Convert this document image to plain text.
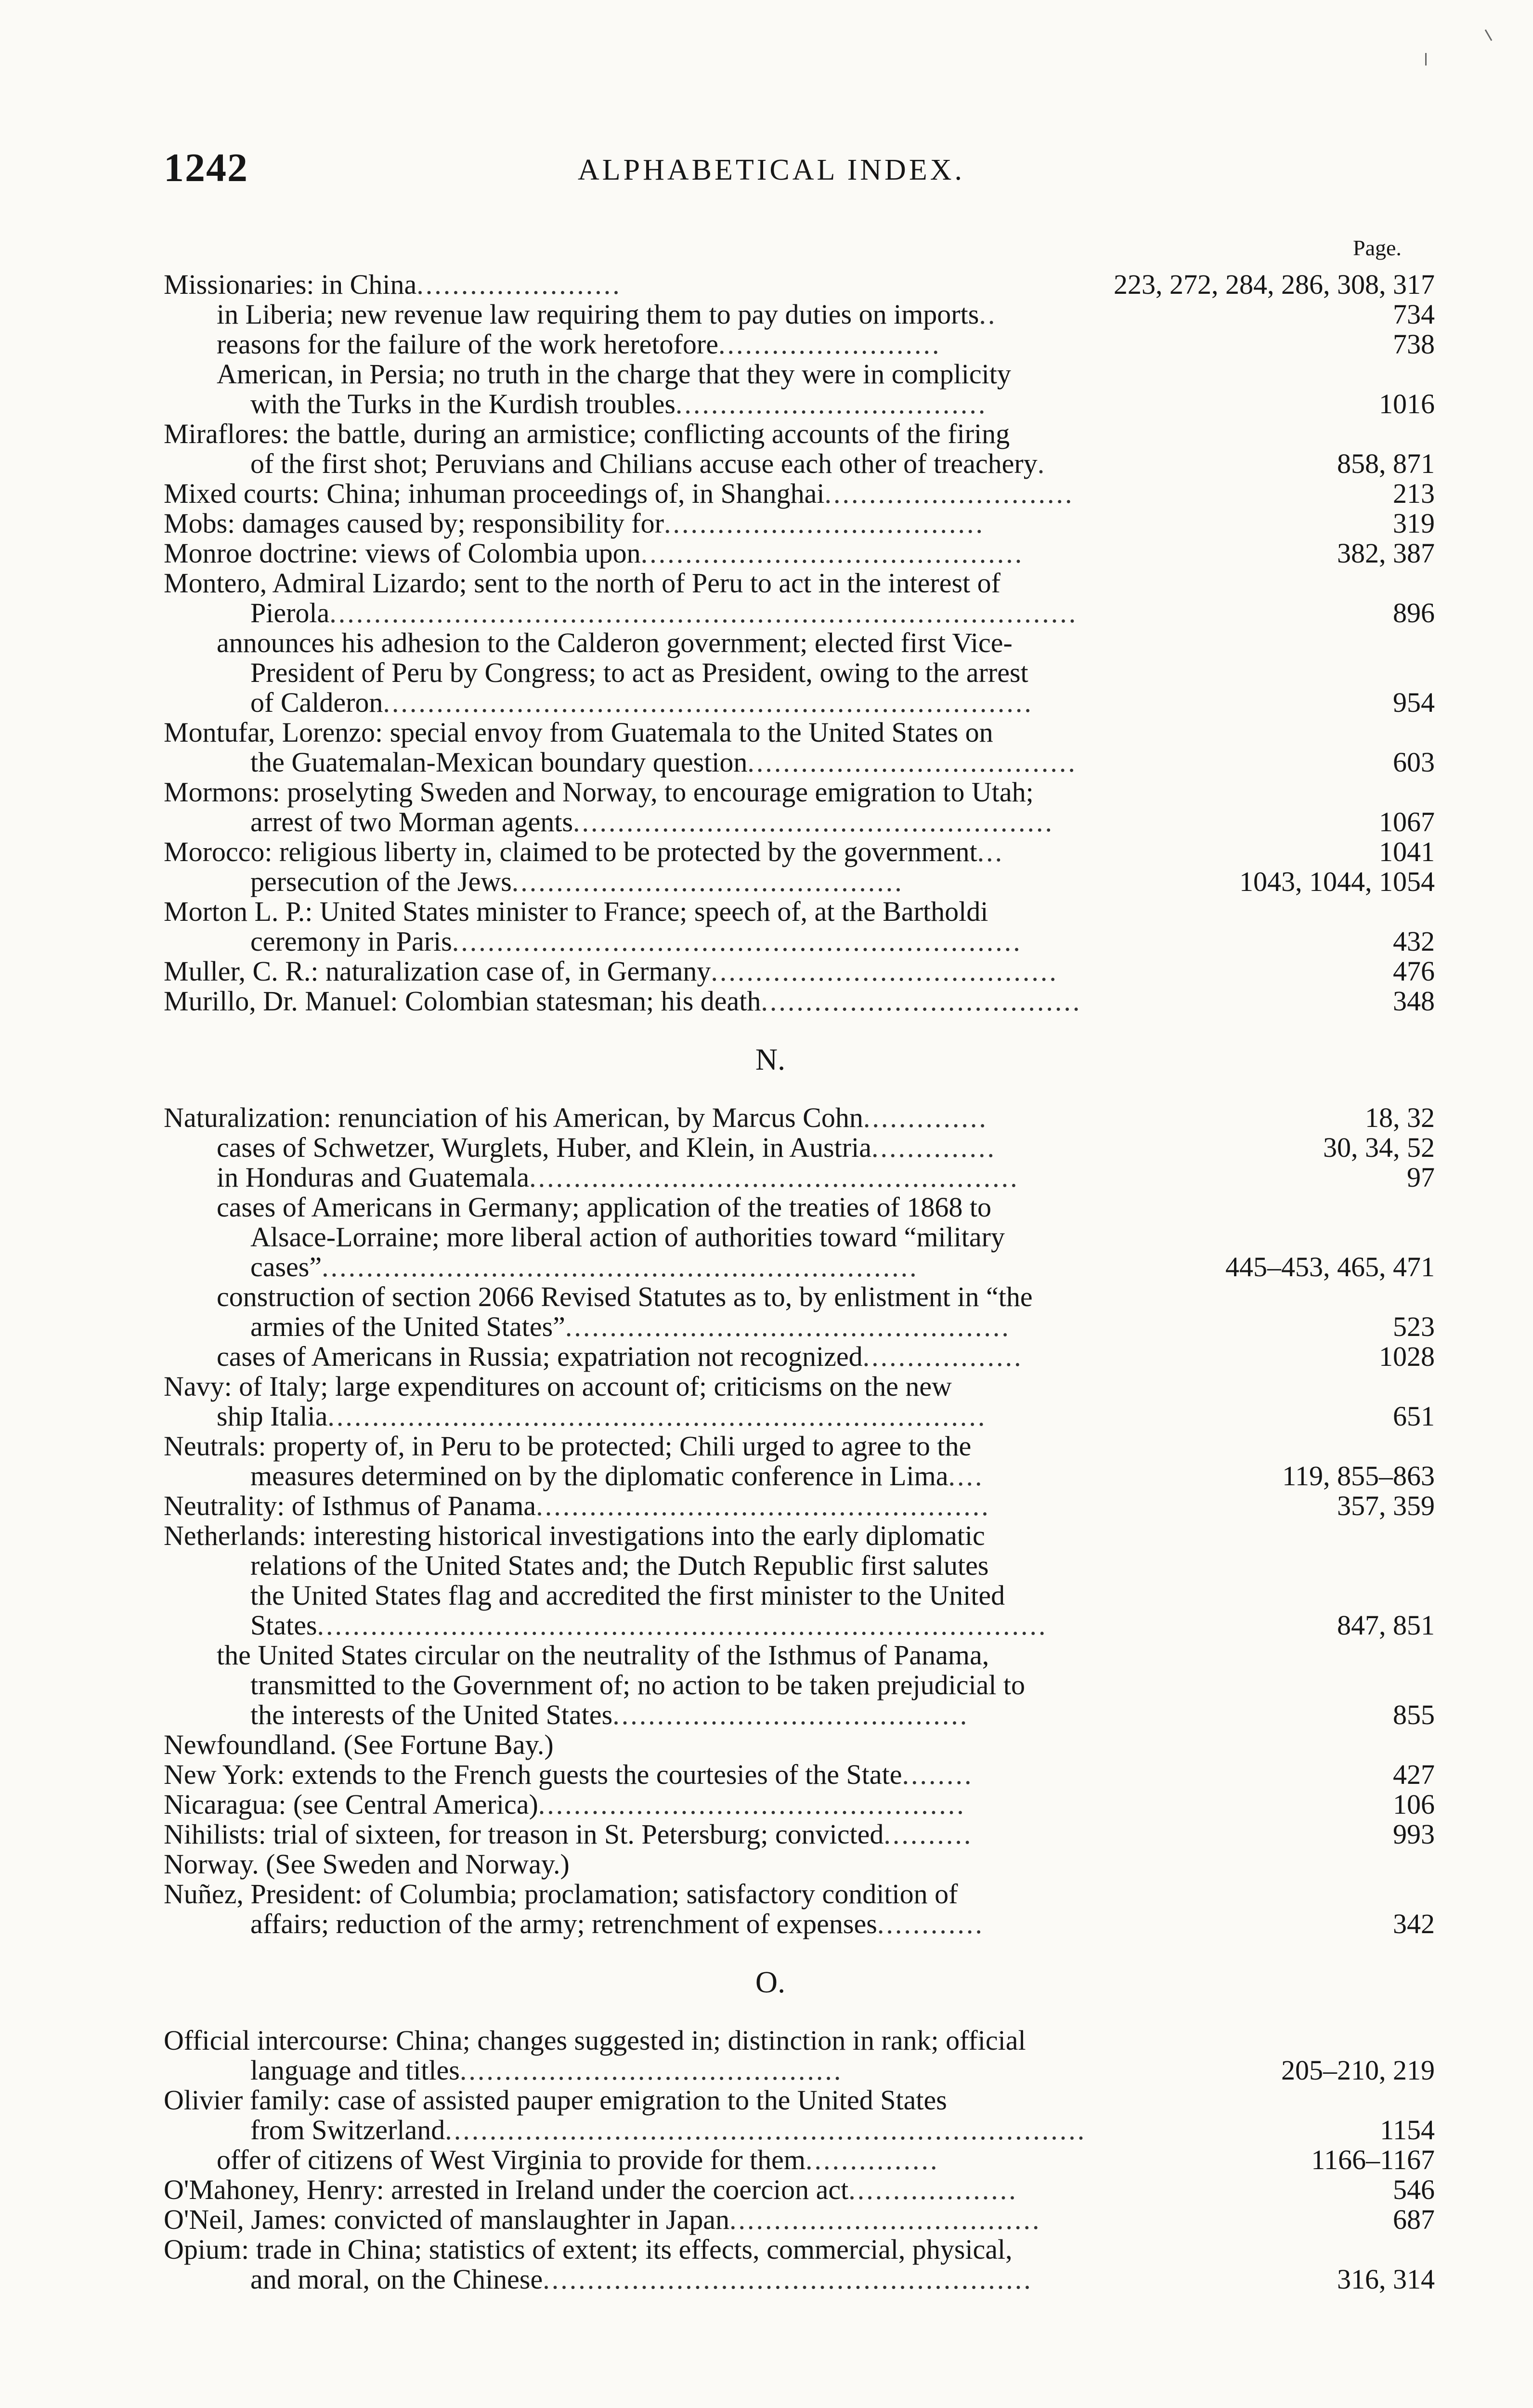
1242	ALPHABETICAL INDEX.
Page.
Missionaries: in China.......................	223, 272, 284, 286, 308, 317
in Liberia; new revenue law requiring them to pay duties on imports..	734
reasons for the failure of the work heretofore.........................	738
American, in Persia; no truth in the charge that they were in complicity
with the Turks in the Kurdish troubles...................................	1016
Miraflores: the battle, during an armistice; conflicting accounts of the firing
of the first shot; Peruvians and Chilians accuse each other of treachery.	858, 871
Mixed courts: China; inhuman proceedings of, in Shanghai............................	213
Mobs: damages caused by; responsibility for....................................	319
Monroe doctrine: views of Colombia upon...........................................	382, 387
Montero, Admiral Lizardo; sent to the north of Peru to act in the interest of
Pierola....................................................................................	896
announces his adhesion to the Calderon government; elected first Vice-
President of Peru by Congress; to act as President, owing to the arrest
of Calderon.........................................................................	954
Montufar, Lorenzo: special envoy from Guatemala to the United States on
the Guatemalan-Mexican boundary question.....................................	603
Mormons: proselyting Sweden and Norway, to encourage emigration to Utah;
arrest of two Morman agents......................................................	1067
Morocco: religious liberty in, claimed to be protected by the government...	1041
persecution of the Jews............................................	1043, 1044, 1054
Morton L. P.: United States minister to France; speech of, at the Bartholdi
ceremony in Paris................................................................	432
Muller, C. R.: naturalization case of, in Germany.......................................	476
Murillo, Dr. Manuel: Colombian statesman; his death....................................	348
N.
Naturalization: renunciation of his American, by Marcus Cohn..............	18, 32
cases of Schwetzer, Wurglets, Huber, and Klein, in Austria..............	30, 34, 52
in Honduras and Guatemala.......................................................	97
cases of Americans in Germany; application of the treaties of 1868 to
Alsace-Lorraine; more liberal action of authorities toward “military
cases”...................................................................	445–453, 465, 471
construction of section 2066 Revised Statutes as to, by enlistment in “the
armies of the United States”..................................................	523
cases of Americans in Russia; expatriation not recognized..................	1028
Navy: of Italy; large expenditures on account of; criticisms on the new
ship Italia..........................................................................	651
Neutrals: property of, in Peru to be protected; Chili urged to agree to the
measures determined on by the diplomatic conference in Lima....	119, 855–863
Neutrality: of Isthmus of Panama...................................................	357, 359
Netherlands: interesting historical investigations into the early diplomatic
relations of the United States and; the Dutch Republic first salutes
the United States flag and accredited the first minister to the United
States..................................................................................	847, 851
the United States circular on the neutrality of the Isthmus of Panama,
transmitted to the Government of; no action to be taken prejudicial to
the interests of the United States........................................	855
Newfoundland. (See Fortune Bay.)
New York: extends to the French guests the courtesies of the State........	427
Nicaragua: (see Central America)................................................	106
Nihilists: trial of sixteen, for treason in St. Petersburg; convicted..........	993
Norway. (See Sweden and Norway.)
Nuñez, President: of Columbia; proclamation; satisfactory condition of
affairs; reduction of the army; retrenchment of expenses............	342
O.
Official intercourse: China; changes suggested in; distinction in rank; official
language and titles...........................................	205–210, 219
Olivier family: case of assisted pauper emigration to the United States
from Switzerland........................................................................	1154
offer of citizens of West Virginia to provide for them...............	1166–1167
O'Mahoney, Henry: arrested in Ireland under the coercion act...................	546
O'Neil, James: convicted of manslaughter in Japan...................................	687
Opium: trade in China; statistics of extent; its effects, commercial, physical,
and moral, on the Chinese.......................................................	316, 314
